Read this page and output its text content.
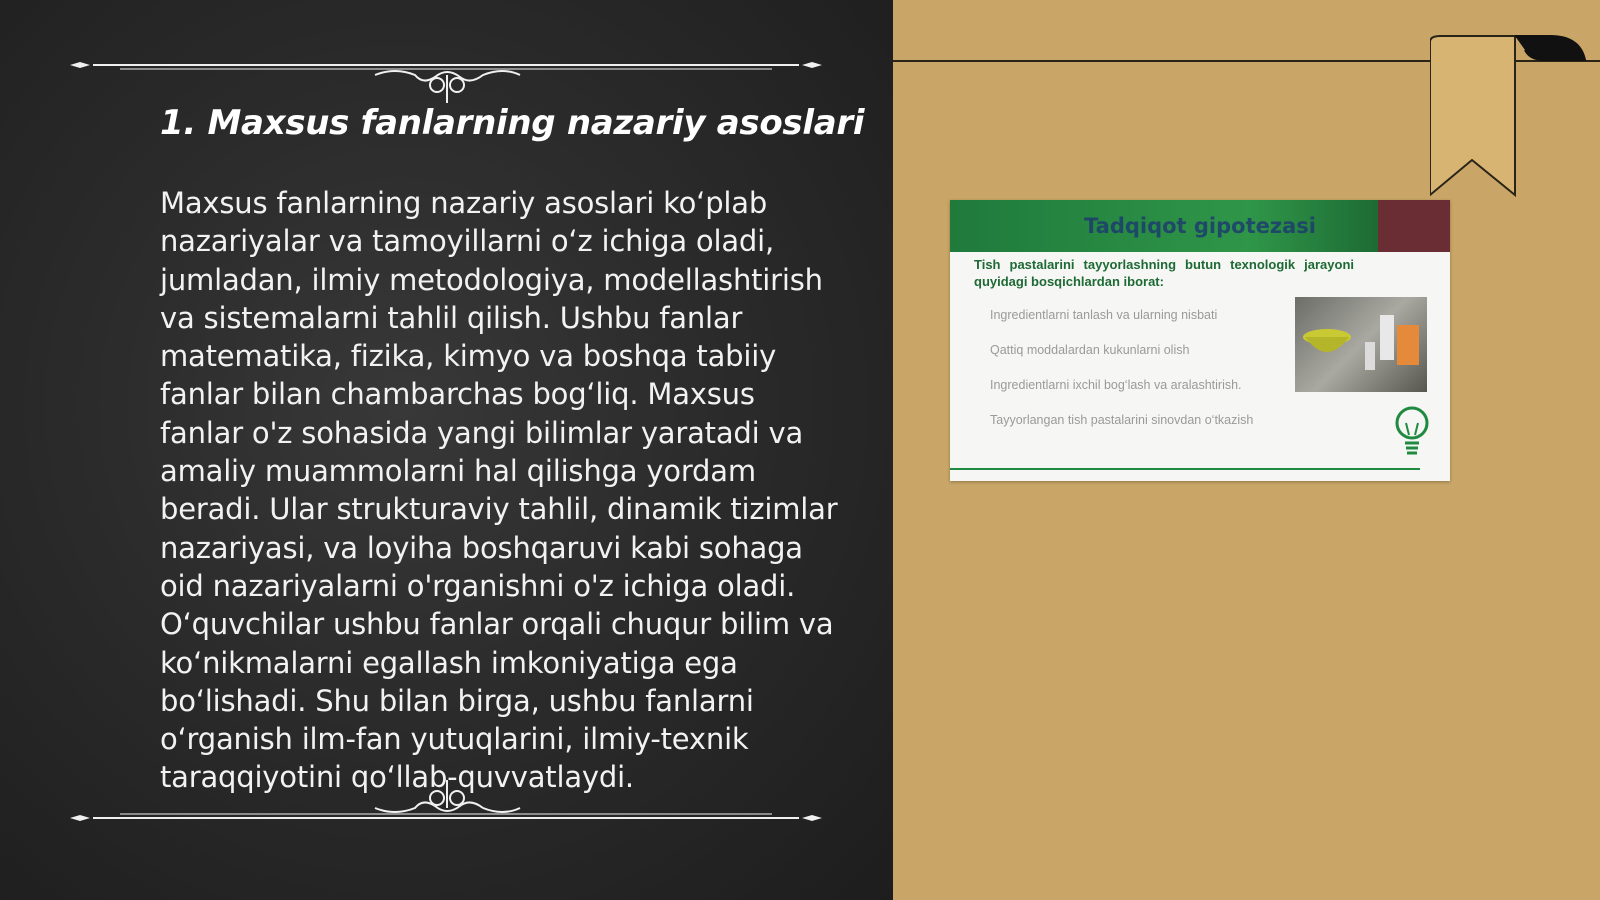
1. Maxsus fanlarning nazariy asoslari
Maxsus fanlarning nazariy asoslari ko‘plab nazariyalar va tamoyillarni o‘z ichiga oladi, jumladan, ilmiy metodologiya, modellashtirish va sistemalarni tahlil qilish. Ushbu fanlar matematika, fizika, kimyo va boshqa tabiiy fanlar bilan chambarchas bog‘liq. Maxsus fanlar o'z sohasida yangi bilimlar yaratadi va amaliy muammolarni hal qilishga yordam beradi. Ular strukturaviy tahlil, dinamik tizimlar nazariyasi, va loyiha boshqaruvi kabi sohaga oid nazariyalarni o'rganishni o'z ichiga oladi. O‘quvchilar ushbu fanlar orqali chuqur bilim va ko‘nikmalarni egallash imkoniyatiga ega bo‘lishadi. Shu bilan birga, ushbu fanlarni o‘rganish ilm-fan yutuqlarini, ilmiy-texnik taraqqiyotini qo‘llab-quvvatlaydi.
Tadqiqot gipotezasi
Tish pastalarini tayyorlashning butun texnologik jarayoni quyidagi bosqichlardan iborat:
Ingredientlarni tanlash va ularning nisbati
Qattiq moddalardan kukunlarni olish
Ingredientlarni ixchil bog‘lash va aralashtirish.
Tayyorlangan tish pastalarini sinovdan o‘tkazish
